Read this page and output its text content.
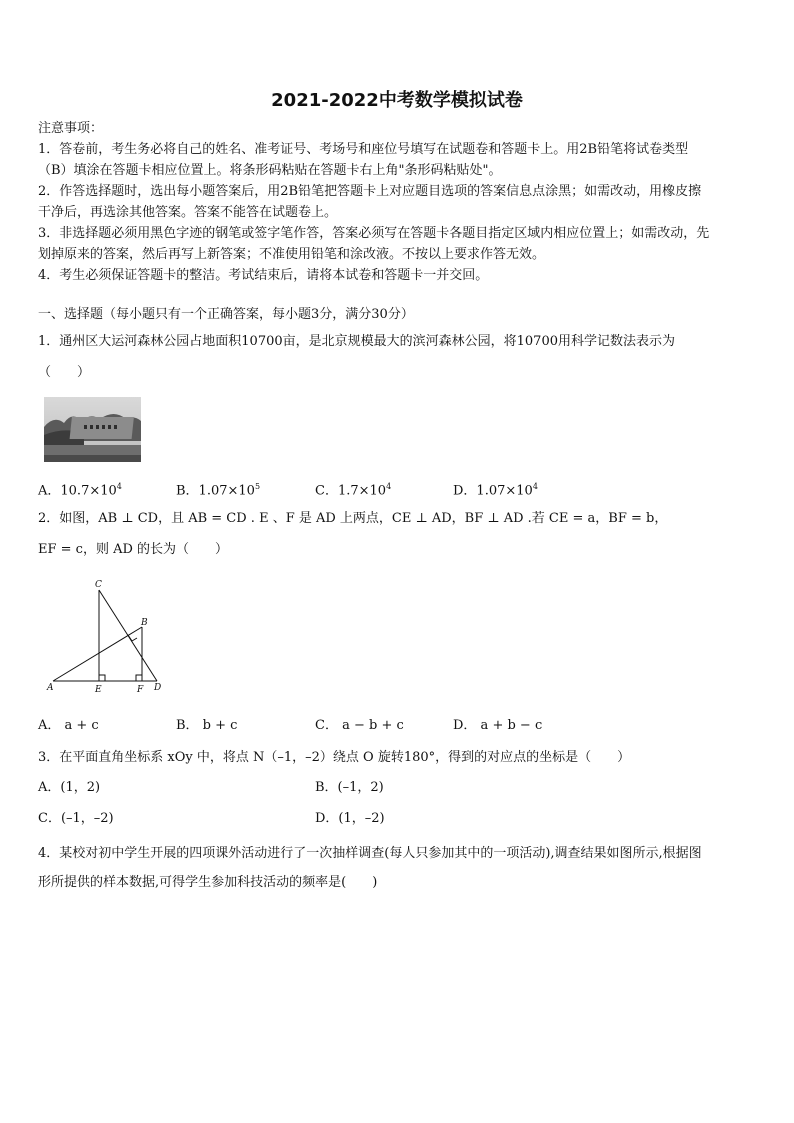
2021-2022中考数学模拟试卷
注意事项：
1．答卷前，考生务必将自己的姓名、准考证号、考场号和座位号填写在试题卷和答题卡上。用2B铅笔将试卷类型
（B）填涂在答题卡相应位置上。将条形码粘贴在答题卡右上角"条形码粘贴处"。
2．作答选择题时，选出每小题答案后，用2B铅笔把答题卡上对应题目选项的答案信息点涂黑；如需改动，用橡皮擦
干净后，再选涂其他答案。答案不能答在试题卷上。
3．非选择题必须用黑色字迹的钢笔或签字笔作答，答案必须写在答题卡各题目指定区域内相应位置上；如需改动，先
划掉原来的答案，然后再写上新答案；不准使用铅笔和涂改液。不按以上要求作答无效。
4．考生必须保证答题卡的整洁。考试结束后，请将本试卷和答题卡一并交回。
一、选择题（每小题只有一个正确答案，每小题3分，满分30分）
1．通州区大运河森林公园占地面积10700亩，是北京规模最大的滨河森林公园，将10700用科学记数法表示为
（　　）
A．$10.7\times 10^4$	B．$1.07\times 10^5$	C．$1.7\times 10^4$	D．$1.07\times 10^4$
2．如图，AB ⊥ CD，且 AB = CD . E 、F 是 AD 上两点，CE ⊥ AD，BF ⊥ AD .若 CE = a，BF = b，
EF = c，则 AD 的长为（　　）
C
B
A	E	F D
A． a + c	B． b + c	C． a − b + c	D． a + b − c
3．在平面直角坐标系 xOy 中，将点 N（–1，–2）绕点 O 旋转180°，得到的对应点的坐标是（　　）
A．(1，2)	B．(–1，2)
C．(–1，–2)	D．(1，–2)
4．某校对初中学生开展的四项课外活动进行了一次抽样调查(每人只参加其中的一项活动),调查结果如图所示,根据图
形所提供的样本数据,可得学生参加科技活动的频率是(　　)
